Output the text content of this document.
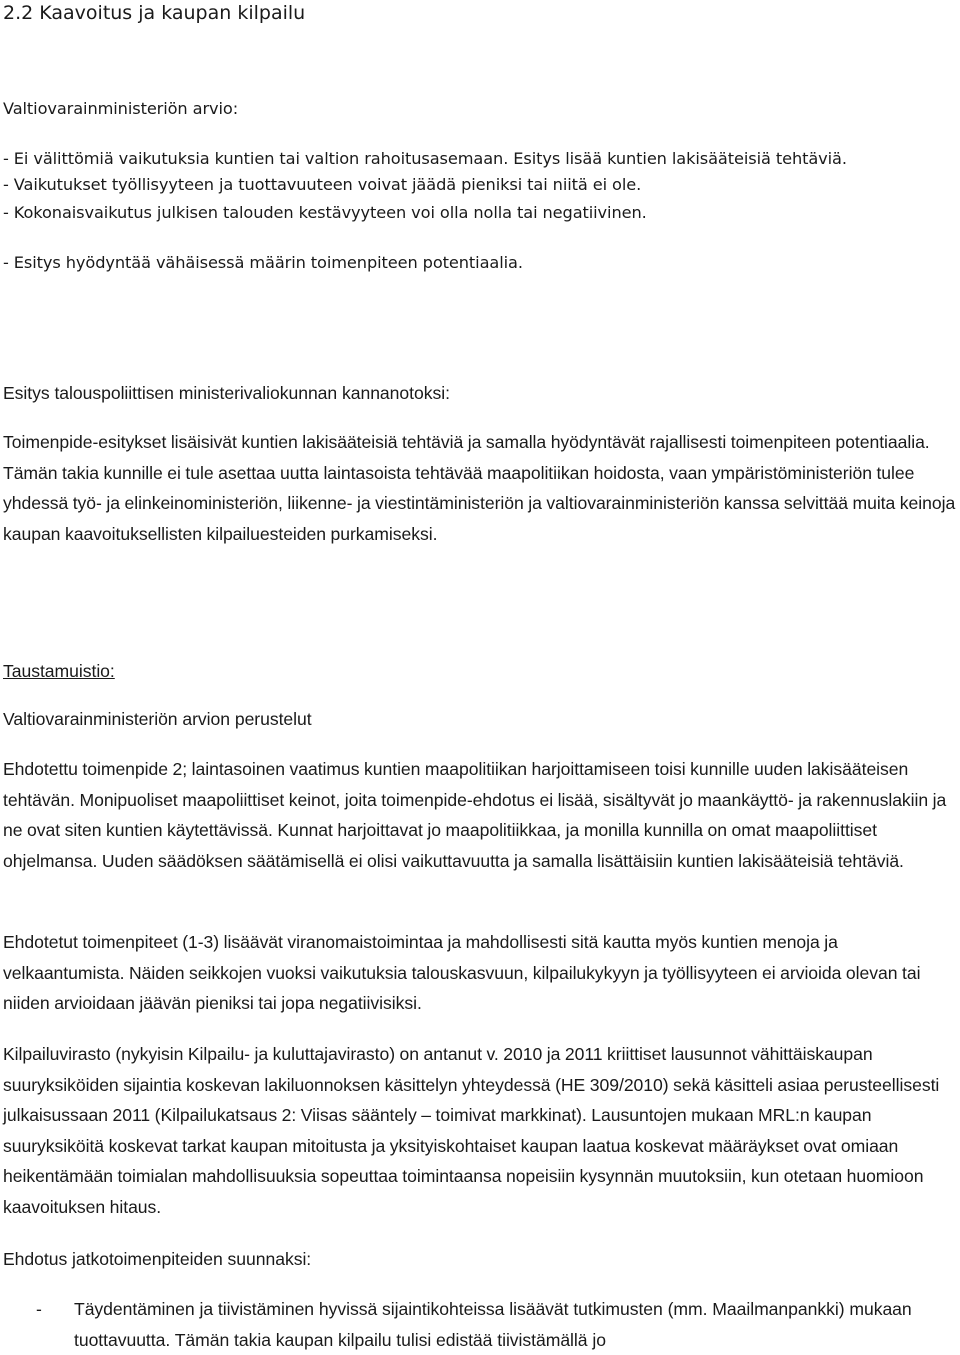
2.2 Kaavoitus ja kaupan kilpailu

Valtiovarainministeriön arvio:

- Ei välittömiä vaikutuksia kuntien tai valtion rahoitusasemaan. Esitys lisää kuntien lakisääteisiä tehtäviä.

- Vaikutukset työllisyyteen ja tuottavuuteen voivat jäädä pieniksi tai niitä ei ole.

- Kokonaisvaikutus julkisen talouden kestävyyteen voi olla nolla tai negatiivinen.

- Esitys hyödyntää vähäisessä määrin toimenpiteen potentiaalia.

Esitys talouspoliittisen ministerivaliokunnan kannanotoksi:

Toimenpide-esitykset lisäisivät kuntien lakisääteisiä tehtäviä ja samalla hyödyntävät rajallisesti toimenpiteen potentiaalia. Tämän takia kunnille ei tule asettaa uutta laintasoista tehtävää maapolitiikan hoidosta, vaan ympäristöministeriön tulee yhdessä työ- ja elinkeinoministeriön, liikenne- ja viestintäministeriön ja valtiovarainministeriön kanssa selvittää muita keinoja kaupan kaavoituksellisten kilpailuesteiden purkamiseksi.

Taustamuistio:

Valtiovarainministeriön arvion perustelut

Ehdotettu toimenpide 2; laintasoinen vaatimus kuntien maapolitiikan harjoittamiseen toisi kunnille uuden lakisääteisen tehtävän. Monipuoliset maapoliittiset keinot, joita toimenpide-ehdotus ei lisää, sisältyvät jo maankäyttö- ja rakennuslakiin ja ne ovat siten kuntien käytettävissä. Kunnat harjoittavat jo maapolitiikkaa, ja monilla kunnilla on omat maapoliittiset ohjelmansa. Uuden säädöksen säätämisellä ei olisi vaikuttavuutta ja samalla lisättäisiin kuntien lakisääteisiä tehtäviä.

Ehdotetut toimenpiteet (1-3) lisäävät viranomaistoimintaa ja mahdollisesti sitä kautta myös kuntien menoja ja velkaantumista. Näiden seikkojen vuoksi vaikutuksia talouskasvuun, kilpailukykyyn ja työllisyyteen ei arvioida olevan tai niiden arvioidaan jäävän pieniksi tai jopa negatiivisiksi.

Kilpailuvirasto (nykyisin Kilpailu- ja kuluttajavirasto) on antanut v. 2010 ja 2011 kriittiset lausunnot vähittäiskaupan suuryksiköiden sijaintia koskevan lakiluonnoksen käsittelyn yhteydessä (HE 309/2010) sekä käsitteli asiaa perusteellisesti julkaisussaan 2011 (Kilpailukatsaus 2: Viisas sääntely – toimivat markkinat). Lausuntojen mukaan MRL:n kaupan suuryksiköitä koskevat tarkat kaupan mitoitusta ja yksityiskohtaiset kaupan laatua koskevat määräykset ovat omiaan heikentämään toimialan mahdollisuuksia sopeuttaa toimintaansa nopeisiin kysynnän muutoksiin, kun otetaan huomioon kaavoituksen hitaus.

Ehdotus jatkotoimenpiteiden suunnaksi:

- Täydentäminen ja tiivistäminen hyvissä sijaintikohteissa lisäävät tutkimusten (mm. Maailmanpankki) mukaan tuottavuutta. Tämän takia kaupan kilpailu tulisi edistää tiivistämällä jo
